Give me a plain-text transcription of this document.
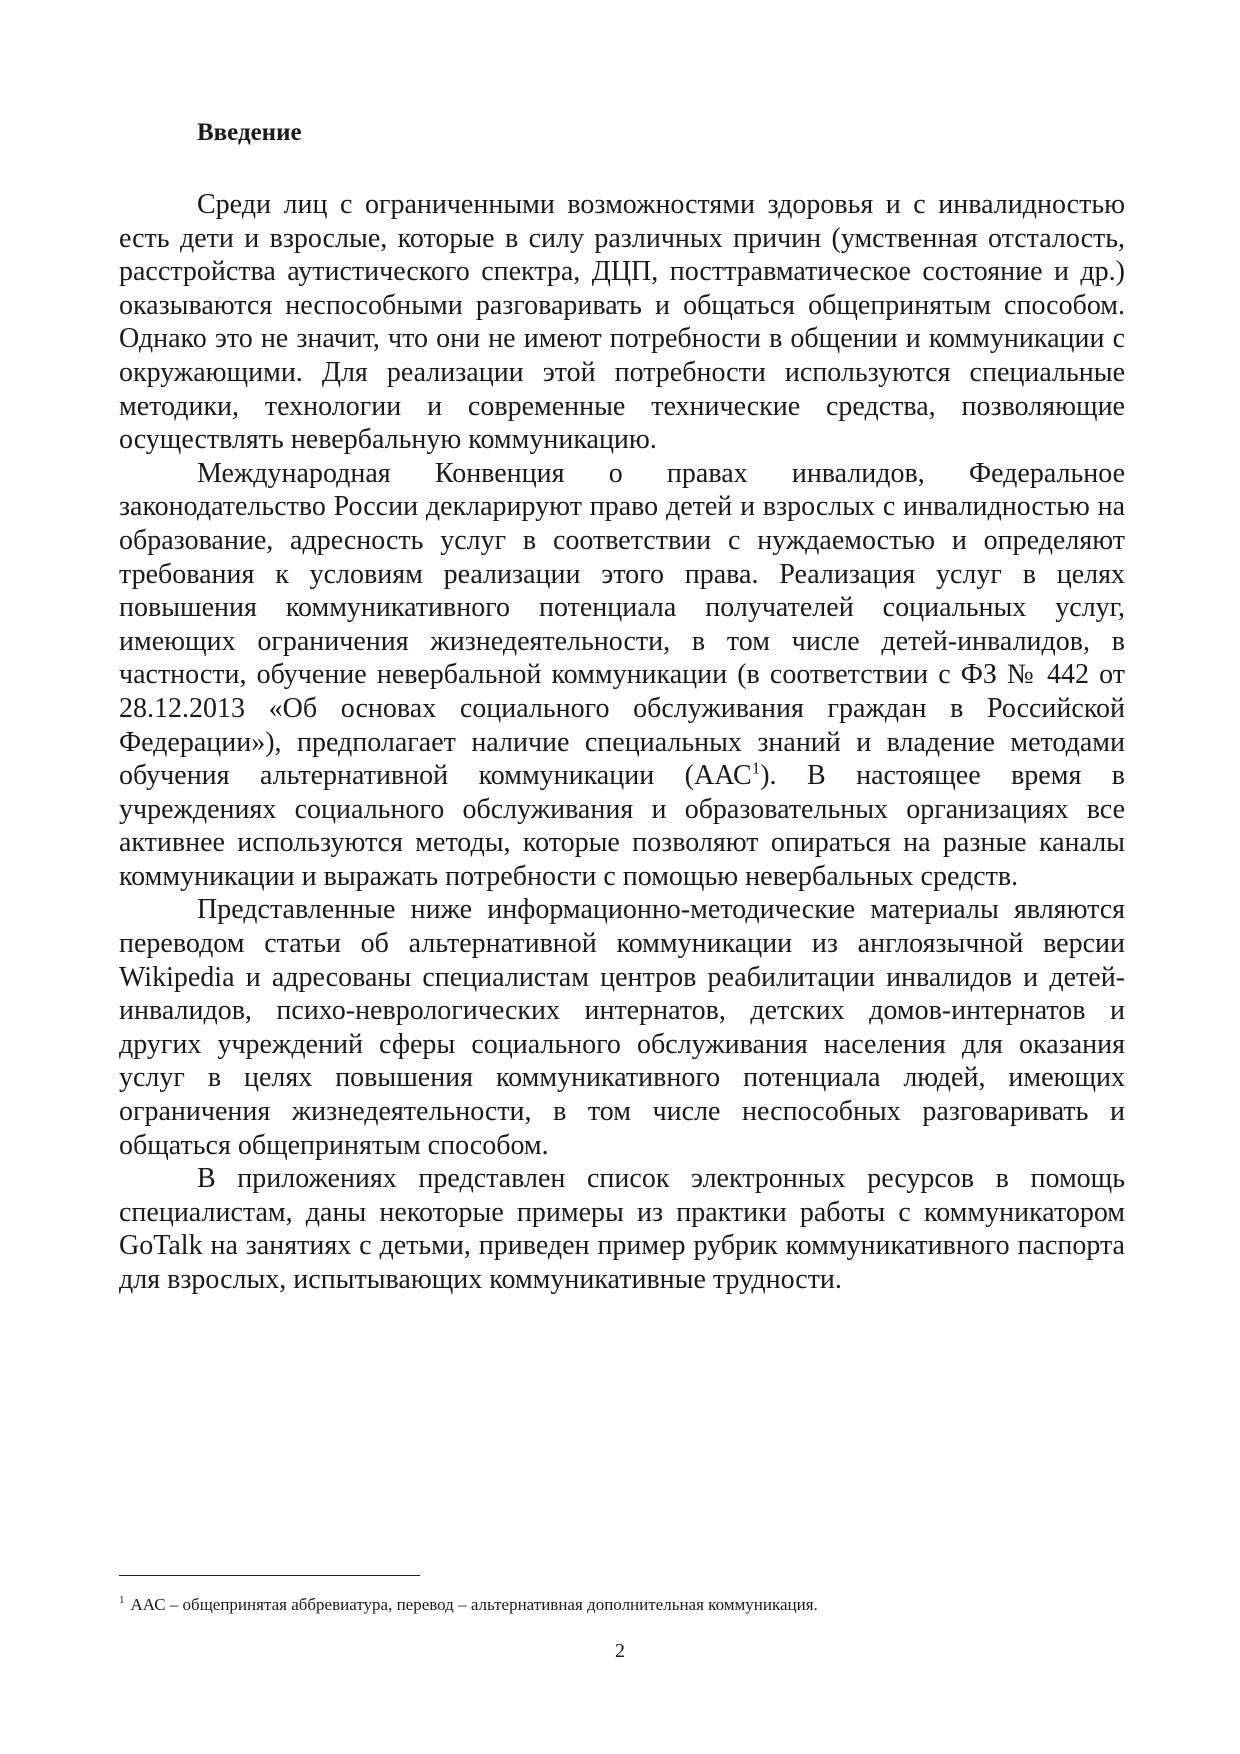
Введение

Среди лиц с ограниченными возможностями здоровья и с инвалидностью есть дети и взрослые, которые в силу различных причин (умственная отсталость, расстройства аутистического спектра, ДЦП, посттравматическое состояние и др.) оказываются неспособными разговаривать и общаться общепринятым способом. Однако это не значит, что они не имеют потребности в общении и коммуникации с окружающими. Для реализации этой потребности используются специальные методики, технологии и современные технические средства, позволяющие осуществлять невербальную коммуникацию.

Международная Конвенция о правах инвалидов, Федеральное законодательство России декларируют право детей и взрослых с инвалидностью на образование, адресность услуг в соответствии с нуждаемостью и определяют требования к условиям реализации этого права. Реализация услуг в целях повышения коммуникативного потенциала получателей социальных услуг, имеющих ограничения жизнедеятельности, в том числе детей-инвалидов, в частности, обучение невербальной коммуникации (в соответствии с ФЗ № 442 от 28.12.2013 «Об основах социального обслуживания граждан в Российской Федерации»), предполагает наличие специальных знаний и владение методами обучения альтернативной коммуникации (ААС$^1$). В настоящее время в учреждениях социального обслуживания и образовательных организациях все активнее используются методы, которые позволяют опираться на разные каналы коммуникации и выражать потребности с помощью невербальных средств.

Представленные ниже информационно-методические материалы являются переводом статьи об альтернативной коммуникации из англоязычной версии Wikipedia и адресованы специалистам центров реабилитации инвалидов и детей-инвалидов, психо-неврологических интернатов, детских домов-интернатов и других учреждений сферы социального обслуживания населения для оказания услуг в целях повышения коммуникативного потенциала людей, имеющих ограничения жизнедеятельности, в том числе неспособных разговаривать и общаться общепринятым способом.

В приложениях представлен список электронных ресурсов в помощь специалистам, даны некоторые примеры из практики работы с коммуникатором GoTalk на занятиях с детьми, приведен пример рубрик коммуникативного паспорта для взрослых, испытывающих коммуникативные трудности.

$^1$ ААС – общепринятая аббревиатура, перевод – альтернативная дополнительная коммуникация.

2
